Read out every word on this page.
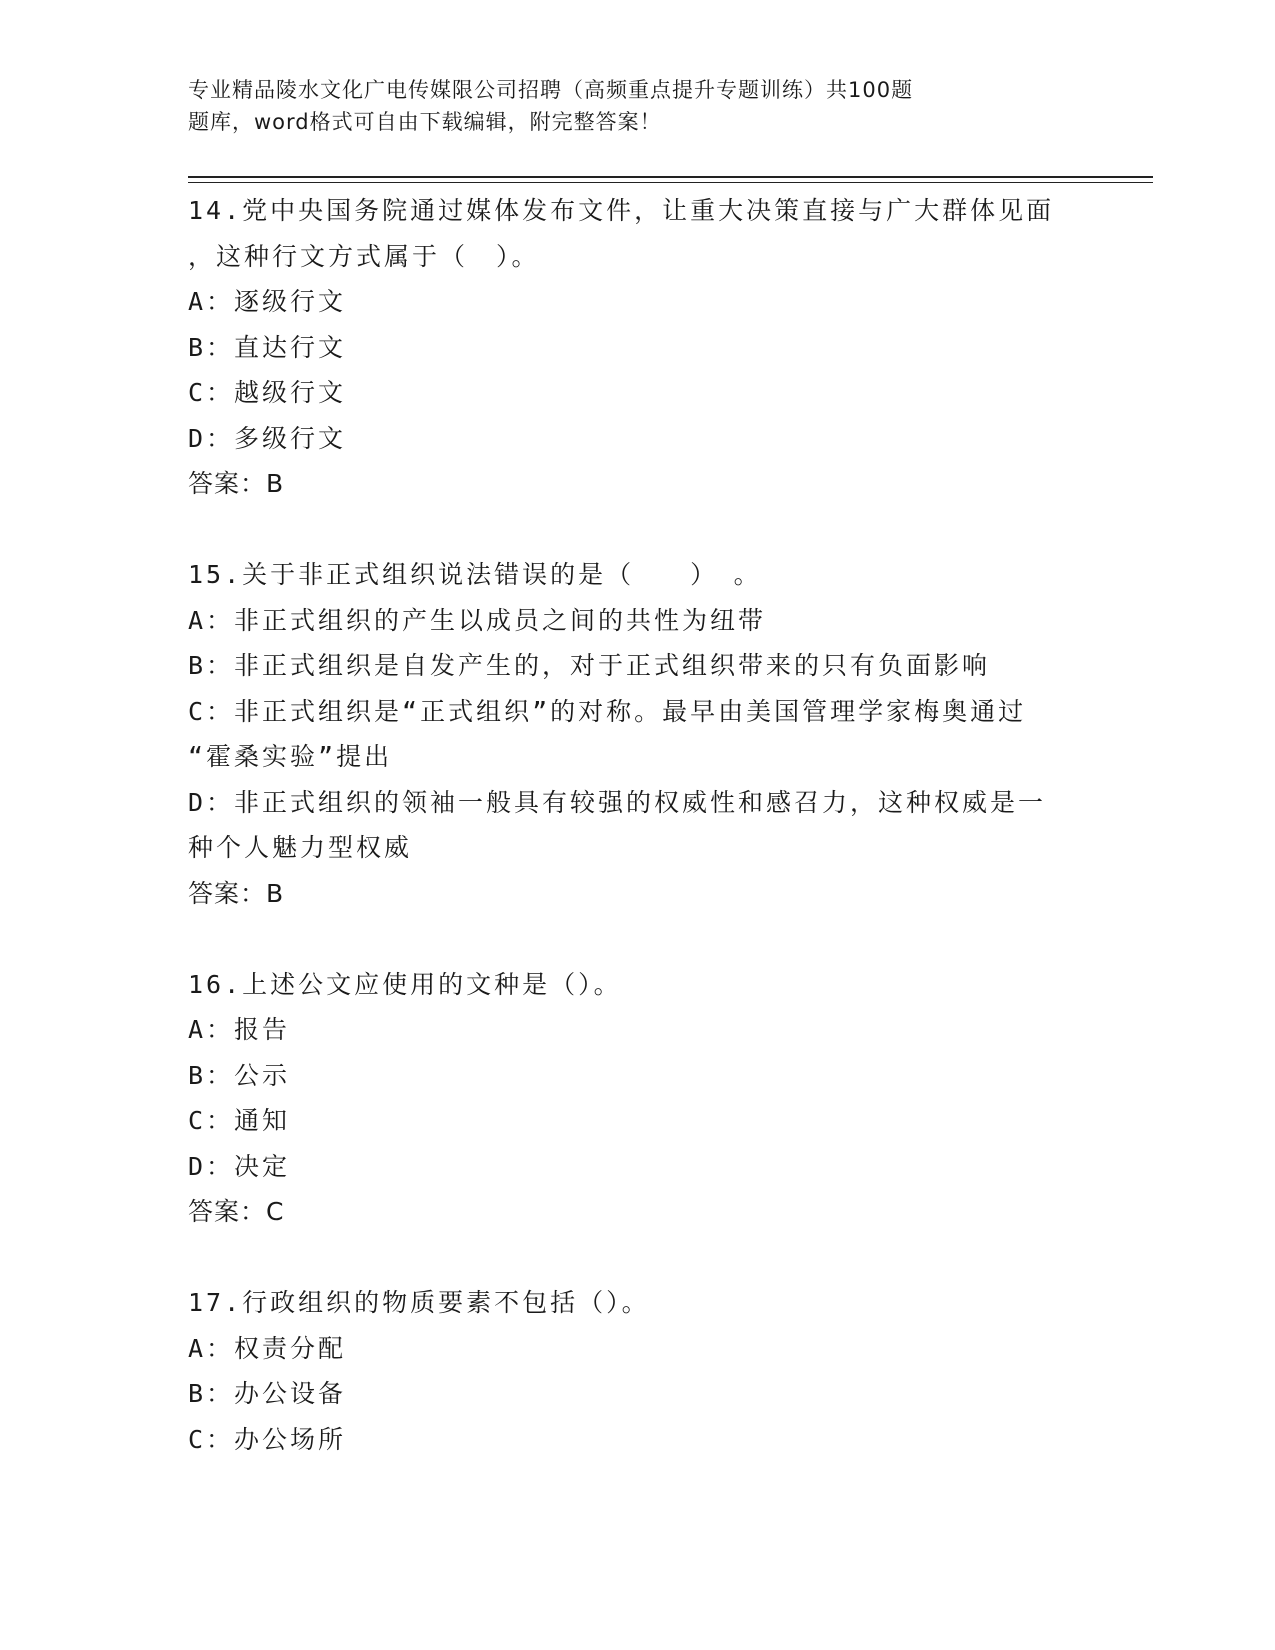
专业精品陵水文化广电传媒限公司招聘（高频重点提升专题训练）共100题
题库，word格式可自由下载编辑，附完整答案！
14.党中央国务院通过媒体发布文件，让重大决策直接与广大群体见面
，这种行文方式属于（　）。
A：逐级行文
B：直达行文
C：越级行文
D：多级行文
答案：B
15.关于非正式组织说法错误的是（　　）　。
A：非正式组织的产生以成员之间的共性为纽带
B：非正式组织是自发产生的，对于正式组织带来的只有负面影响
C：非正式组织是“正式组织”的对称。最早由美国管理学家梅奥通过
“霍桑实验”提出
D：非正式组织的领袖一般具有较强的权威性和感召力，这种权威是一
种个人魅力型权威
答案：B
16.上述公文应使用的文种是（）。
A：报告
B：公示
C：通知
D：决定
答案：C
17.行政组织的物质要素不包括（）。
A：权责分配
B：办公设备
C：办公场所
